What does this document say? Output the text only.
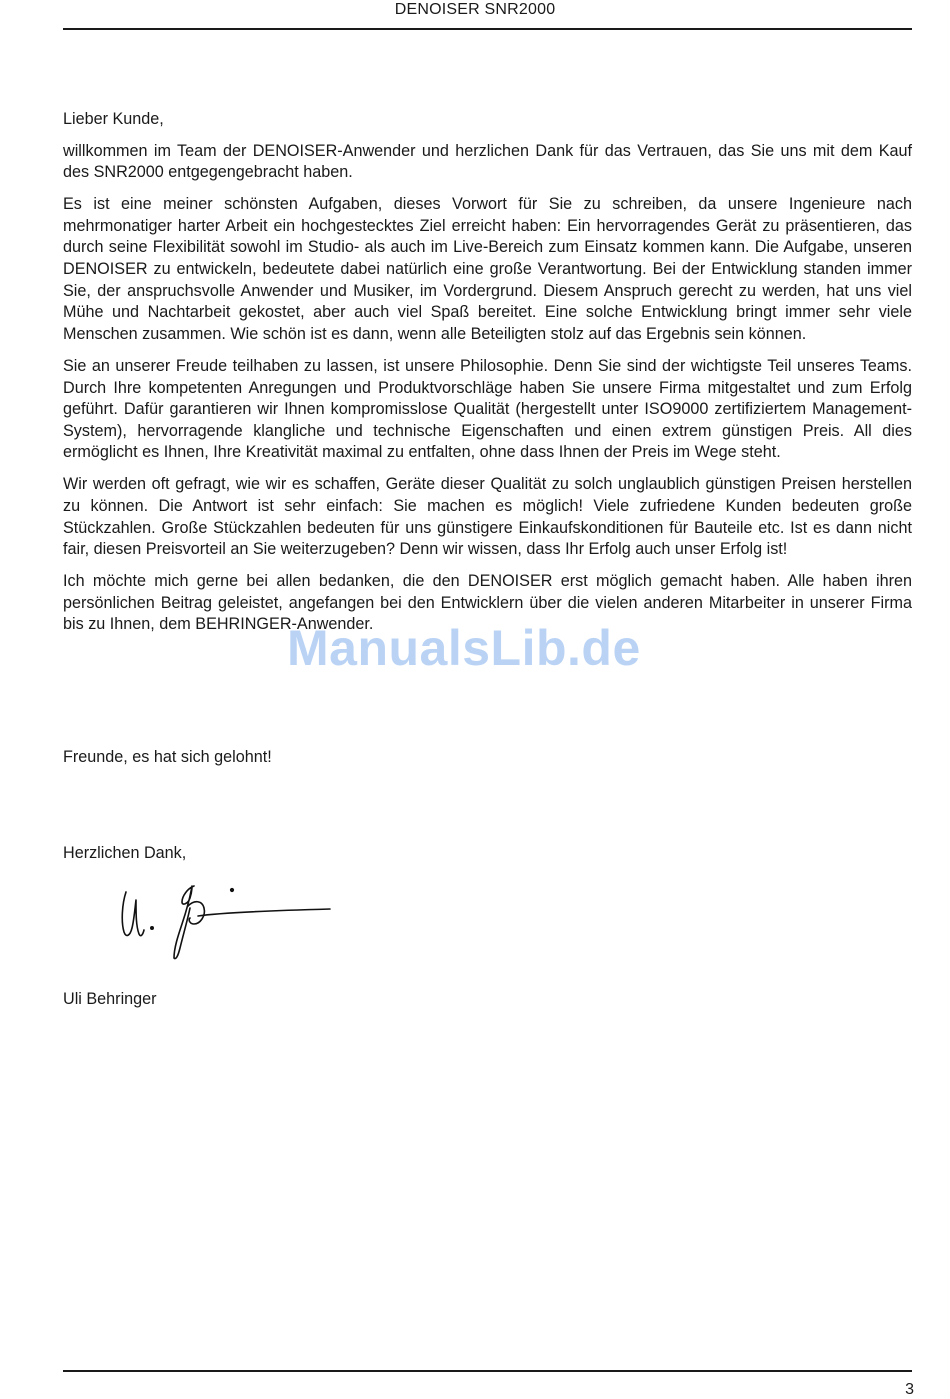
DENOISER SNR2000

Lieber Kunde,

willkommen im Team der DENOISER-Anwender und herzlichen Dank für das Vertrauen, das Sie uns mit dem Kauf des SNR2000 entgegengebracht haben.

Es ist eine meiner schönsten Aufgaben, dieses Vorwort für Sie zu schreiben, da unsere Ingenieure nach mehrmonatiger harter Arbeit ein hochgestecktes Ziel erreicht haben: Ein hervorragendes Gerät zu präsentieren, das durch seine Flexibilität sowohl im Studio- als auch im Live-Bereich zum Einsatz kommen kann. Die Aufgabe, unseren DENOISER zu entwickeln, bedeutete dabei natürlich eine große Verantwortung. Bei der Entwicklung standen immer Sie, der anspruchsvolle Anwender und Musiker, im Vordergrund. Diesem Anspruch gerecht zu werden, hat uns viel Mühe und Nachtarbeit gekostet, aber auch viel Spaß bereitet. Eine solche Entwicklung bringt immer sehr viele Menschen zusammen. Wie schön ist es dann, wenn alle Beteiligten stolz auf das Ergebnis sein können.

Sie an unserer Freude teilhaben zu lassen, ist unsere Philosophie. Denn Sie sind der wichtigste Teil unseres Teams. Durch Ihre kompetenten Anregungen und Produktvorschläge haben Sie unsere Firma mitgestaltet und zum Erfolg geführt. Dafür garantieren wir Ihnen kompromisslose Qualität (hergestellt unter ISO9000 zertifiziertem Management-System), hervorragende klangliche und technische Eigenschaften und einen extrem günstigen Preis. All dies ermöglicht es Ihnen, Ihre Kreativität maximal zu entfalten, ohne dass Ihnen der Preis im Wege steht.

Wir werden oft gefragt, wie wir es schaffen, Geräte dieser Qualität zu solch unglaublich günstigen Preisen herstellen zu können. Die Antwort ist sehr einfach: Sie machen es möglich! Viele zufriedene Kunden bedeuten große Stückzahlen. Große Stückzahlen bedeuten für uns günstigere Einkaufskonditionen für Bauteile etc. Ist es dann nicht fair, diesen Preisvorteil an Sie weiterzugeben? Denn wir wissen, dass Ihr Erfolg auch unser Erfolg ist!

Ich möchte mich gerne bei allen bedanken, die den DENOISER erst möglich gemacht haben. Alle haben ihren persönlichen Beitrag geleistet, angefangen bei den Entwicklern über die vielen anderen Mitarbeiter in unserer Firma bis zu Ihnen, dem BEHRINGER-Anwender.

ManualsLib.de
Freunde, es hat sich gelohnt!
Herzlichen Dank,
Uli Behringer
3
